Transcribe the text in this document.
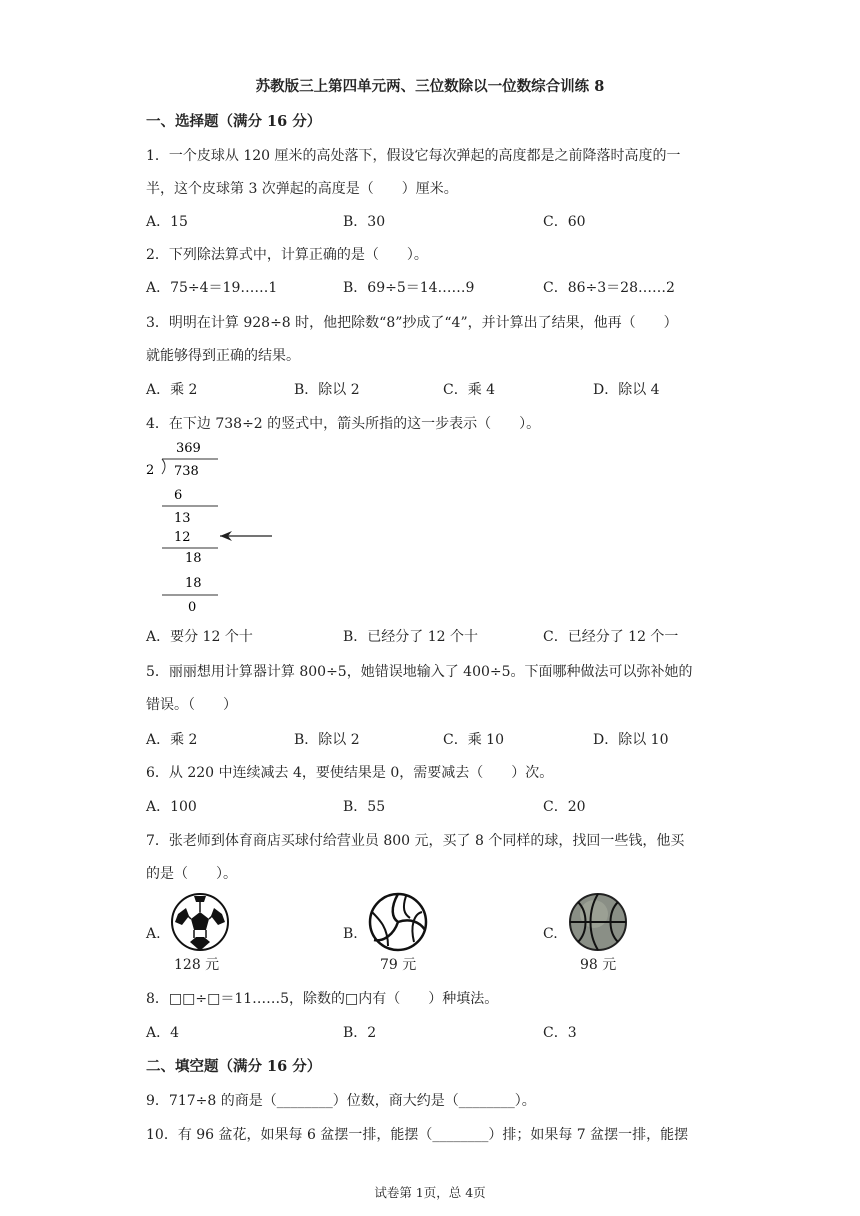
苏教版三上第四单元两、三位数除以一位数综合训练 8
一、选择题（满分 16 分）
1．一个皮球从 120 厘米的高处落下，假设它每次弹起的高度都是之前降落时高度的一
半，这个皮球第 3 次弹起的高度是（　　）厘米。
A．15	B．30	C．60
2．下列除法算式中，计算正确的是（　　）。
A．75÷4＝19……1	B．69÷5＝14……9	C．86÷3＝28……2
3．明明在计算 928÷8 时，他把除数“8”抄成了“4”，并计算出了结果，他再（　　）
就能够得到正确的结果。
A．乘 2	B．除以 2	C．乘 4	D．除以 4
4．在下边 738÷2 的竖式中，箭头所指的这一步表示（　　）。
369
2 738
6
13
12
18
18
0
A．要分 12 个十	B．已经分了 12 个十	C．已经分了 12 个一
5．丽丽想用计算器计算 800÷5，她错误地输入了 400÷5。下面哪种做法可以弥补她的
错误。（　　）
A．乘 2	B．除以 2	C．乘 10	D．除以 10
6．从 220 中连续减去 4，要使结果是 0，需要减去（　　）次。
A．100	B．55	C．20
7．张老师到体育商店买球付给营业员 800 元，买了 8 个同样的球，找回一些钱，他买
的是（　　）。
A.	B.	C.
128 元	79 元	98 元
8．□□÷□＝11……5，除数的□内有（　　）种填法。
A．4	B．2	C．3
二、填空题（满分 16 分）
9．717÷8 的商是（________）位数，商大约是（________）。
10．有 96 盆花，如果每 6 盆摆一排，能摆（________）排；如果每 7 盆摆一排，能摆
试卷第 1页，总 4页
